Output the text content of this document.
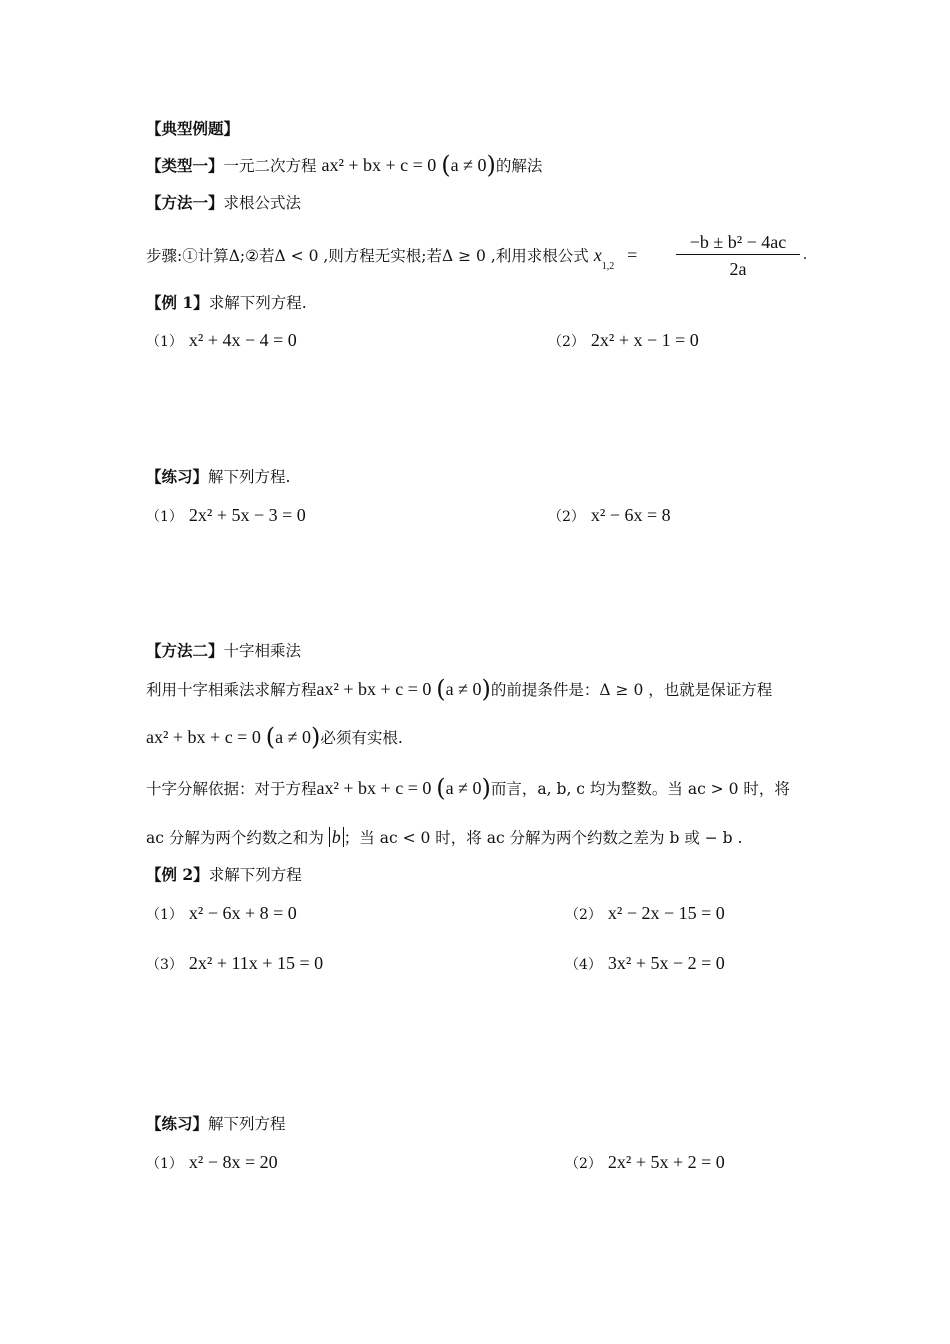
【典型例题】
【类型一】一元二次方程 ax² + bx + c = 0 (a ≠ 0)的解法
【方法一】求根公式法
步骤:①计算Δ;②若Δ < 0 ,则方程无实根;若Δ ≥ 0 ,利用求根公式 $x_{1,2}$ =
−b ± b² − 4ac
2a
.
【例 1】求解下列方程.
（1） x² + 4x − 4 = 0	（2） 2x² + x − 1 = 0
【练习】解下列方程.
（1） 2x² + 5x − 3 = 0	（2） x² − 6x = 8
【方法二】十字相乘法
利用十字相乘法求解方程ax² + bx + c = 0 (a ≠ 0)的前提条件是：Δ ≥ 0 ，也就是保证方程
ax² + bx + c = 0 (a ≠ 0)必须有实根.
十字分解依据：对于方程ax² + bx + c = 0 (a ≠ 0)而言，a, b, c 均为整数。当 ac > 0 时，将
ac 分解为两个约数之和为 b ；当 ac < 0 时，将 ac 分解为两个约数之差为 b 或 − b .
【例 2】求解下列方程
（1） x² − 6x + 8 = 0	（2） x² − 2x − 15 = 0
（3） 2x² + 11x + 15 = 0	（4） 3x² + 5x − 2 = 0
【练习】解下列方程
（1） x² − 8x = 20	（2） 2x² + 5x + 2 = 0
